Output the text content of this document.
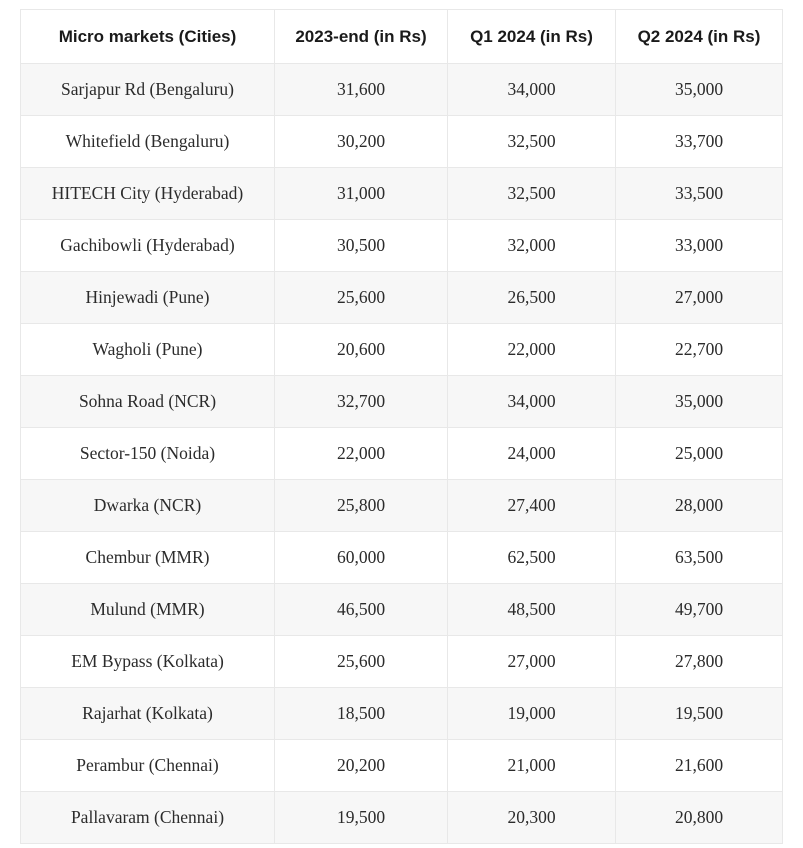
Micro markets (Cities)	2023-end (in Rs)	Q1 2024 (in Rs)	Q2 2024 (in Rs)
Sarjapur Rd (Bengaluru)	31,600	34,000	35,000
Whitefield (Bengaluru)	30,200	32,500	33,700
HITECH City (Hyderabad)	31,000	32,500	33,500
Gachibowli (Hyderabad)	30,500	32,000	33,000
Hinjewadi (Pune)	25,600	26,500	27,000
Wagholi (Pune)	20,600	22,000	22,700
Sohna Road (NCR)	32,700	34,000	35,000
Sector-150 (Noida)	22,000	24,000	25,000
Dwarka (NCR)	25,800	27,400	28,000
Chembur (MMR)	60,000	62,500	63,500
Mulund (MMR)	46,500	48,500	49,700
EM Bypass (Kolkata)	25,600	27,000	27,800
Rajarhat (Kolkata)	18,500	19,000	19,500
Perambur (Chennai)	20,200	21,000	21,600
Pallavaram (Chennai)	19,500	20,300	20,800
